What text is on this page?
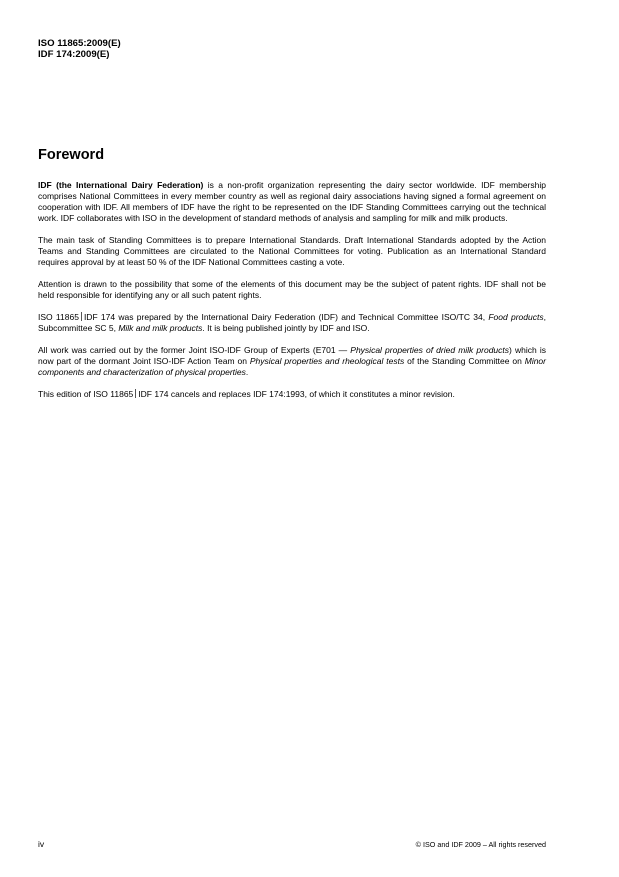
ISO 11865:2009(E)
IDF 174:2009(E)
Foreword

IDF (the International Dairy Federation) is a non-profit organization representing the dairy sector worldwide. IDF membership comprises National Committees in every member country as well as regional dairy associations having signed a formal agreement on cooperation with IDF. All members of IDF have the right to be represented on the IDF Standing Committees carrying out the technical work. IDF collaborates with ISO in the development of standard methods of analysis and sampling for milk and milk products.

The main task of Standing Committees is to prepare International Standards. Draft International Standards adopted by the Action Teams and Standing Committees are circulated to the National Committees for voting. Publication as an International Standard requires approval by at least 50 % of the IDF National Committees casting a vote.

Attention is drawn to the possibility that some of the elements of this document may be the subject of patent rights. IDF shall not be held responsible for identifying any or all such patent rights.

ISO 11865 IDF 174 was prepared by the International Dairy Federation (IDF) and Technical Committee ISO/TC 34, Food products, Subcommittee SC 5, Milk and milk products. It is being published jointly by IDF and ISO.

All work was carried out by the former Joint ISO-IDF Group of Experts (E701 — Physical properties of dried milk products) which is now part of the dormant Joint ISO-IDF Action Team on Physical properties and rheological tests of the Standing Committee on Minor components and characterization of physical properties.

This edition of ISO 11865 IDF 174 cancels and replaces IDF 174:1993, of which it constitutes a minor revision.

iv	© ISO and IDF 2009 – All rights reserved
